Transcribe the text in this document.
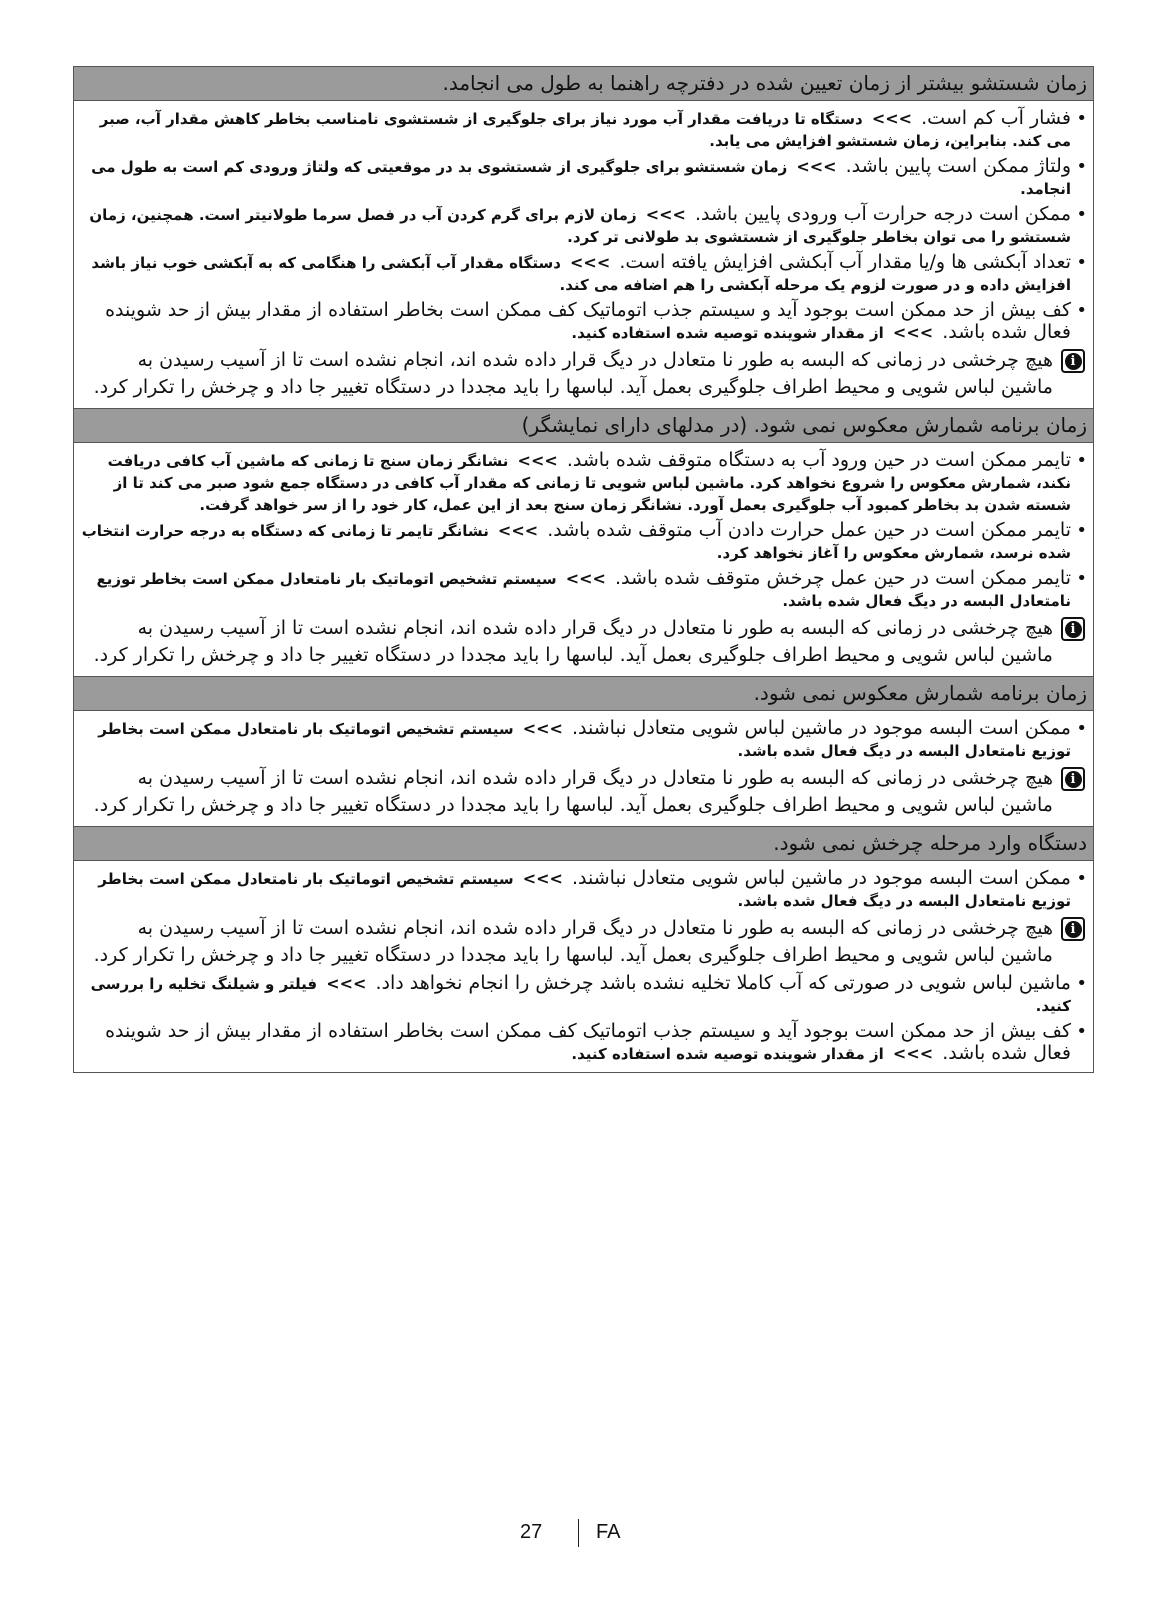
زمان شستشو بیشتر از زمان تعیین شده در دفترچه راهنما به طول می انجامد.
•
فشار آب کم است. >>> دستگاه تا دریافت مقدار آب مورد نیاز برای جلوگیری از شستشوی نامناسب بخاطر کاهش مقدار آب، صبر می کند. بنابراین، زمان شستشو افزایش می یابد.
•
ولتاژ ممکن است پایین باشد. >>> زمان شستشو برای جلوگیری از شستشوی بد در موقعیتی که ولتاژ ورودی کم است به طول می انجامد.
•
ممکن است درجه حرارت آب ورودی پایین باشد. >>> زمان لازم برای گرم کردن آب در فصل سرما طولانیتر است. همچنین، زمان شستشو را می توان بخاطر جلوگیری از شستشوی بد طولانی تر کرد.
•
تعداد آبکشی ها و/یا مقدار آب آبکشی افزایش یافته است. >>> دستگاه مقدار آب آبکشی را هنگامی که به آبکشی خوب نیاز باشد افزایش داده و در صورت لزوم یک مرحله آبکشی را هم اضافه می کند.
•
کف بیش از حد ممکن است بوجود آید و سیستم جذب اتوماتیک کف ممکن است بخاطر استفاده از مقدار بیش از حد شوینده فعال شده باشد. >>> از مقدار شوینده توصیه شده استفاده کنید.
i
هیچ چرخشی در زمانی که البسه به طور نا متعادل در دیگ قرار داده شده اند، انجام نشده است تا از آسیب رسیدن به ماشین لباس شویی و محیط اطراف جلوگیری بعمل آید. لباسها را باید مجددا در دستگاه تغییر جا داد و چرخش را تکرار کرد.
زمان برنامه شمارش معکوس نمی شود. (در مدلهای دارای نمایشگر)
•
تایمر ممکن است در حین ورود آب به دستگاه متوقف شده باشد. >>> نشانگر زمان سنج تا زمانی که ماشین آب کافی دریافت نکند، شمارش معکوس را شروع نخواهد کرد. ماشین لباس شویی تا زمانی که مقدار آب کافی در دستگاه جمع شود صبر می کند تا از شسته شدن بد بخاطر کمبود آب جلوگیری بعمل آورد. نشانگر زمان سنج بعد از این عمل، کار خود را از سر خواهد گرفت.
•
تایمر ممکن است در حین عمل حرارت دادن آب متوقف شده باشد. >>> نشانگر تایمر تا زمانی که دستگاه به درجه حرارت انتخاب شده نرسد، شمارش معکوس را آغاز نخواهد کرد.
•
تایمر ممکن است در حین عمل چرخش متوقف شده باشد. >>> سیستم تشخیص اتوماتیک بار نامتعادل ممکن است بخاطر توزیع نامتعادل البسه در دیگ فعال شده باشد.
i
هیچ چرخشی در زمانی که البسه به طور نا متعادل در دیگ قرار داده شده اند، انجام نشده است تا از آسیب رسیدن به ماشین لباس شویی و محیط اطراف جلوگیری بعمل آید. لباسها را باید مجددا در دستگاه تغییر جا داد و چرخش را تکرار کرد.
زمان برنامه شمارش معکوس نمی شود.
•
ممکن است البسه موجود در ماشین لباس شویی متعادل نباشند. >>> سیستم تشخیص اتوماتیک بار نامتعادل ممکن است بخاطر توزیع نامتعادل البسه در دیگ فعال شده باشد.
i
هیچ چرخشی در زمانی که البسه به طور نا متعادل در دیگ قرار داده شده اند، انجام نشده است تا از آسیب رسیدن به ماشین لباس شویی و محیط اطراف جلوگیری بعمل آید. لباسها را باید مجددا در دستگاه تغییر جا داد و چرخش را تکرار کرد.
دستگاه وارد مرحله چرخش نمی شود.
•
ممکن است البسه موجود در ماشین لباس شویی متعادل نباشند. >>> سیستم تشخیص اتوماتیک بار نامتعادل ممکن است بخاطر توزیع نامتعادل البسه در دیگ فعال شده باشد.
i
هیچ چرخشی در زمانی که البسه به طور نا متعادل در دیگ قرار داده شده اند، انجام نشده است تا از آسیب رسیدن به ماشین لباس شویی و محیط اطراف جلوگیری بعمل آید. لباسها را باید مجددا در دستگاه تغییر جا داد و چرخش را تکرار کرد.
•
ماشین لباس شویی در صورتی که آب کاملا تخلیه نشده باشد چرخش را انجام نخواهد داد. >>> فیلتر و شیلنگ تخلیه را بررسی کنید.
•
کف بیش از حد ممکن است بوجود آید و سیستم جذب اتوماتیک کف ممکن است بخاطر استفاده از مقدار بیش از حد شوینده فعال شده باشد. >>> از مقدار شوینده توصیه شده استفاده کنید.
27	FA
